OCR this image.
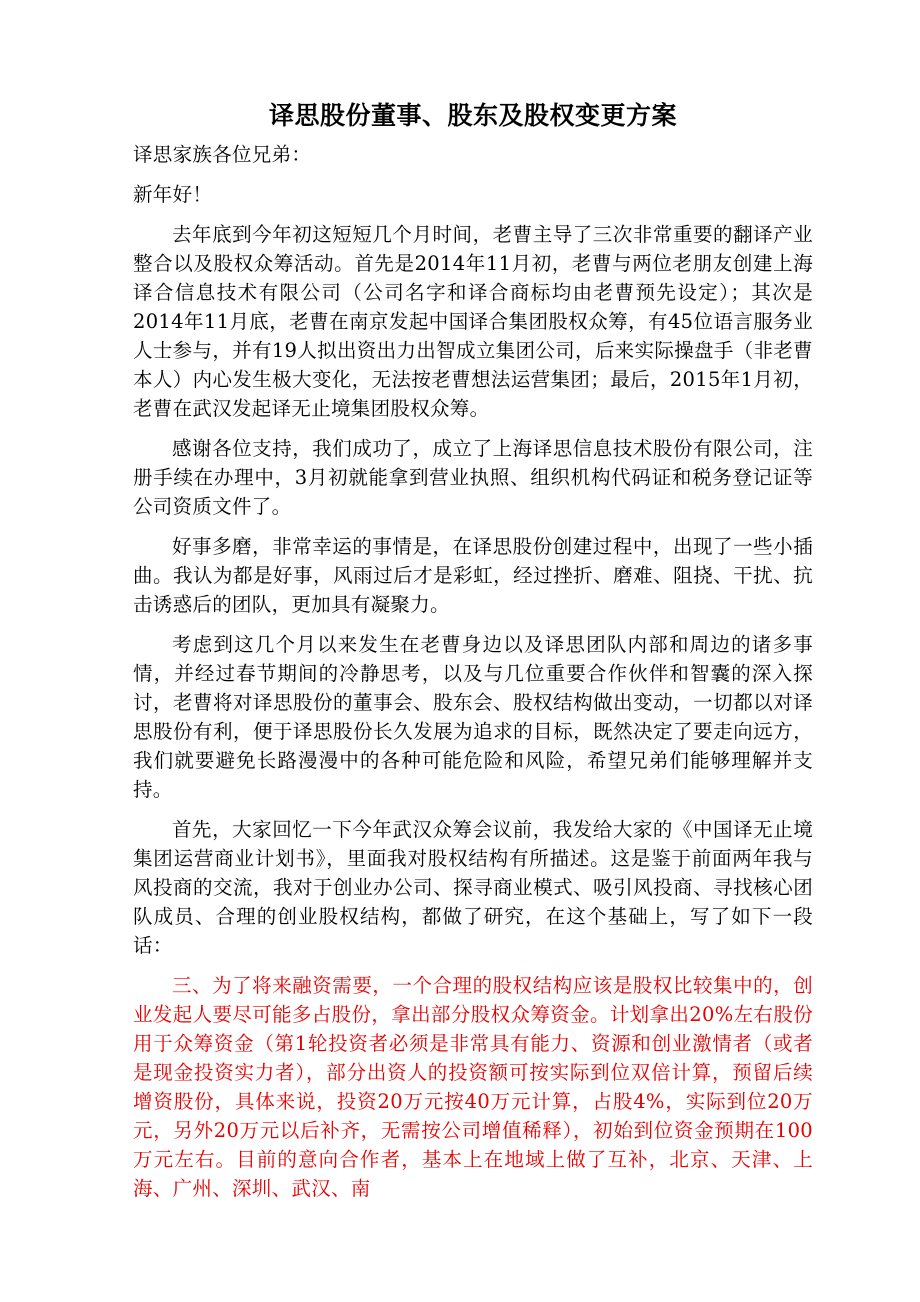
译思股份董事、股东及股权变更方案

译思家族各位兄弟：

新年好！

去年底到今年初这短短几个月时间，老曹主导了三次非常重要的翻译产业整合以及股权众筹活动。首先是2014年11月初，老曹与两位老朋友创建上海译合信息技术有限公司（公司名字和译合商标均由老曹预先设定）；其次是2014年11月底，老曹在南京发起中国译合集团股权众筹，有45位语言服务业人士参与，并有19人拟出资出力出智成立集团公司，后来实际操盘手（非老曹本人）内心发生极大变化，无法按老曹想法运营集团；最后，2015年1月初，老曹在武汉发起译无止境集团股权众筹。

感谢各位支持，我们成功了，成立了上海译思信息技术股份有限公司，注册手续在办理中，3月初就能拿到营业执照、组织机构代码证和税务登记证等公司资质文件了。

好事多磨，非常幸运的事情是，在译思股份创建过程中，出现了一些小插曲。我认为都是好事，风雨过后才是彩虹，经过挫折、磨难、阻挠、干扰、抗击诱惑后的团队，更加具有凝聚力。

考虑到这几个月以来发生在老曹身边以及译思团队内部和周边的诸多事情，并经过春节期间的冷静思考，以及与几位重要合作伙伴和智囊的深入探讨，老曹将对译思股份的董事会、股东会、股权结构做出变动，一切都以对译思股份有利，便于译思股份长久发展为追求的目标，既然决定了要走向远方，我们就要避免长路漫漫中的各种可能危险和风险，希望兄弟们能够理解并支持。

首先，大家回忆一下今年武汉众筹会议前，我发给大家的《中国译无止境集团运营商业计划书》，里面我对股权结构有所描述。这是鉴于前面两年我与风投商的交流，我对于创业办公司、探寻商业模式、吸引风投商、寻找核心团队成员、合理的创业股权结构，都做了研究，在这个基础上，写了如下一段话：

三、为了将来融资需要，一个合理的股权结构应该是股权比较集中的，创业发起人要尽可能多占股份，拿出部分股权众筹资金。计划拿出20%左右股份用于众筹资金（第1轮投资者必须是非常具有能力、资源和创业激情者（或者是现金投资实力者），部分出资人的投资额可按实际到位双倍计算，预留后续增资股份，具体来说，投资20万元按40万元计算，占股4%，实际到位20万元，另外20万元以后补齐，无需按公司增值稀释），初始到位资金预期在100万元左右。目前的意向合作者，基本上在地域上做了互补，北京、天津、上海、广州、深圳、武汉、南
